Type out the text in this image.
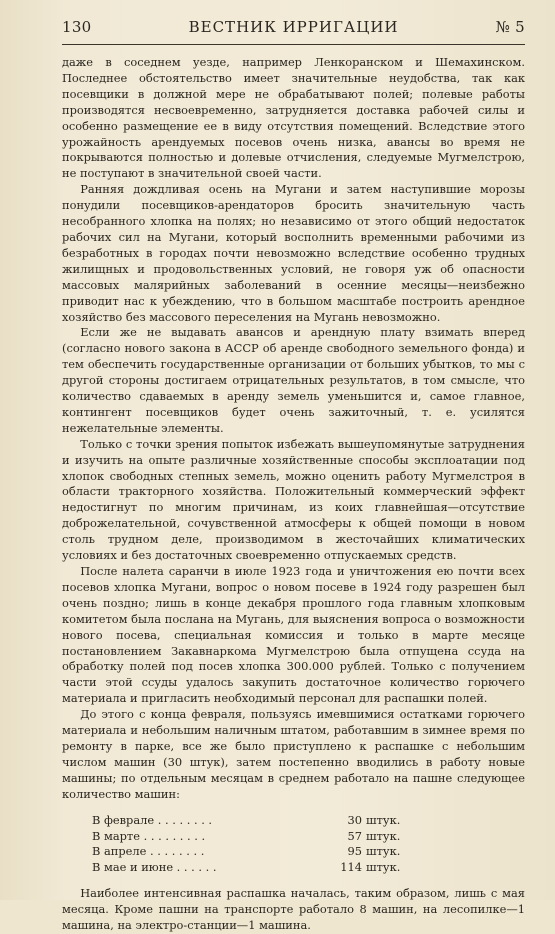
130	ВЕСТНИК ИРРИГАЦИИ	№ 5

даже в соседнем уезде, например Ленкоранском и Шемахинском. Последнее обстоятельство имеет значительные неудобства, так как посевщики в должной мере не обрабатывают полей; полевые работы производятся несвоевременно, затрудняется доставка рабочей силы и особенно размещение ее в виду отсутствия помещений. Вследствие этого урожайность арендуемых посевов очень низка, авансы во время не покрываются полностью и долевые отчисления, следуемые Мугмелстрою, не поступают в значительной своей части.

Ранняя дождливая осень на Мугани и затем наступившие морозы понудили посевщиков-арендаторов бросить значительную часть несобранного хлопка на полях; но независимо от этого общий недостаток рабочих сил на Мугани, который восполнить временными рабочими из безработных в городах почти невозможно вследствие особенно трудных жилищных и продовольственных условий, не говоря уж об опасности массовых малярийных заболеваний в осенние месяцы—неизбежно приводит нас к убеждению, что в большом масштабе построить арендное хозяйство без массового переселения на Мугань невозможно.

Если же не выдавать авансов и арендную плату взимать вперед (согласно нового закона в АССР об аренде свободного земельного фонда) и тем обеспечить государственные организации от больших убытков, то мы с другой стороны достигаем отрицательных результатов, в том смысле, что количество сдаваемых в аренду земель уменьшится и, самое главное, контингент посевщиков будет очень зажиточный, т. е. усилятся нежелательные элементы.

Только с точки зрения попыток избежать вышеупомянутые затруднения и изучить на опыте различные хозяйственные способы эксплоатации под хлопок свободных степных земель, можно оценить работу Мугмелстроя в области тракторного хозяйства. Положительный коммерческий эффект недостигнут по многим причинам, из коих главнейшая—отсутствие доброжелательной, сочувственной атмосферы к общей помощи в новом столь трудном деле, производимом в жесточайших климатических условиях и без достаточных своевременно отпускаемых средств.

После налета саранчи в июле 1923 года и уничтожения ею почти всех посевов хлопка Мугани, вопрос о новом посеве в 1924 году разрешен был очень поздно; лишь в конце декабря прошлого года главным хлопковым комитетом была послана на Мугань, для выяснения вопроса о возможности нового посева, специальная комиссия и только в марте месяце постановлением Закавнаркома Мугмелстрою была отпущена ссуда на обработку полей под посев хлопка 300.000 рублей. Только с получением части этой ссуды удалось закупить достаточное количество горючего материала и пригласить необходимый персонал для распашки полей.

До этого с конца февраля, пользуясь имевшимися остатками горючего материала и небольшим наличным штатом, работавшим в зимнее время по ремонту в парке, все же было приступлено к распашке с небольшим числом машин (30 штук), затем постепенно вводились в работу новые машины; по отдельным месяцам в среднем работало на пашне следующее количество машин:

В феврале . . . . . . . .	30 штук.
В марте . . . . . . . . .	57 штук.
В апреле . . . . . . . .	95 штук.
В мае и июне . . . . . .	114 штук.

Наиболее интенсивная распашка началась, таким образом, лишь с мая месяца. Кроме пашни на транспорте работало 8 машин, на лесопилке—1 машина, на электро-станции—1 машина.
